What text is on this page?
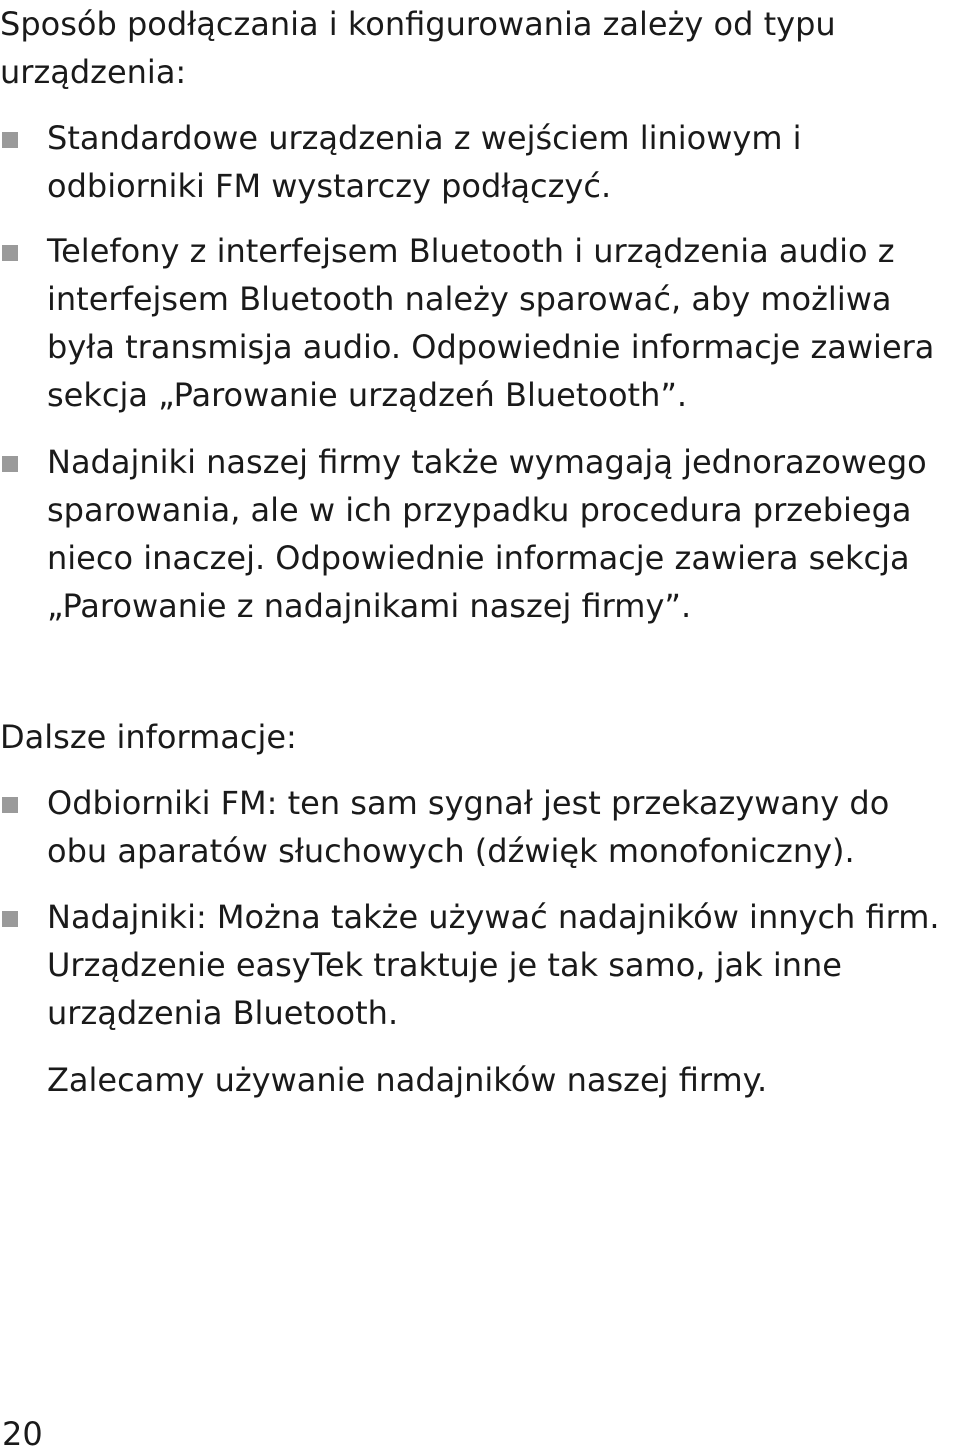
Sposób podłączania i konfigurowania zależy od typu urządzenia:

Standardowe urządzenia z wejściem liniowym i odbiorniki FM wystarczy podłączyć.

Telefony z interfejsem Bluetooth i urządzenia audio z interfejsem Bluetooth należy sparować, aby możliwa była transmisja audio. Odpowiednie informacje zawiera sekcja „Parowanie urządzeń Bluetooth”.

Nadajniki naszej firmy także wymagają jednorazowego sparowania, ale w ich przypadku procedura przebiega nieco inaczej. Odpowiednie informacje zawiera sekcja „Parowanie z nadajnikami naszej firmy”.

Dalsze informacje:

Odbiorniki FM: ten sam sygnał jest przekazywany do obu aparatów słuchowych (dźwięk monofoniczny).

Nadajniki: Można także używać nadajników innych firm. Urządzenie easyTek traktuje je tak samo, jak inne urządzenia Bluetooth.

Zalecamy używanie nadajników naszej firmy.

20
